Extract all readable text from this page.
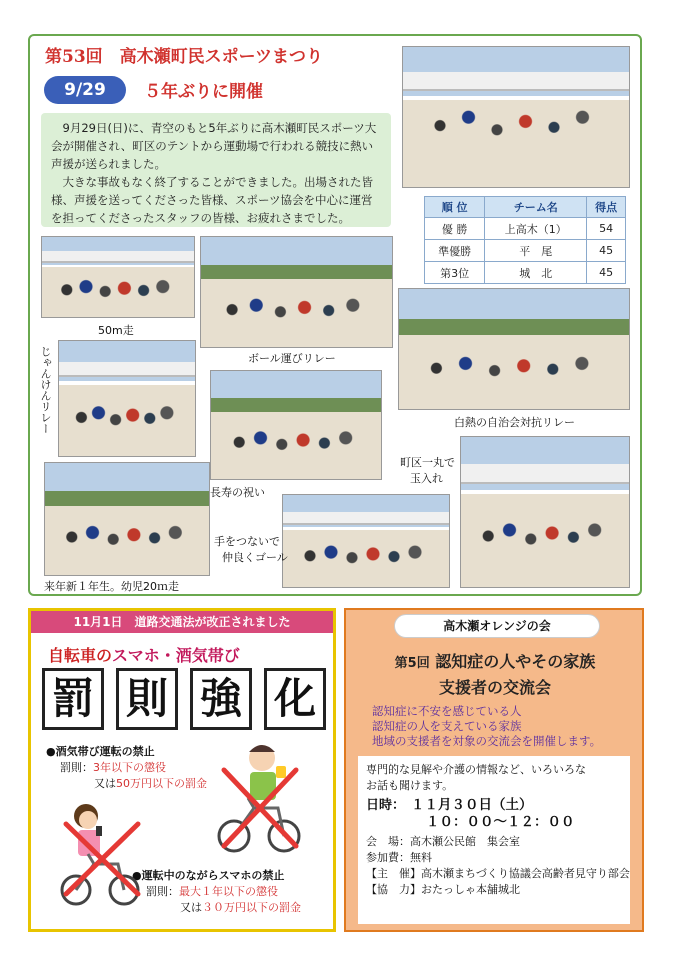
第53回　高木瀬町民スポーツまつり
9/29	５年ぶりに開催

9月29日(日)に、青空のもと5年ぶりに高木瀬町民スポーツ大会が開催され、町区のテントから運動場で行われる競技に熱い声援が送られました。

大きな事故もなく終了することができました。出場された皆様、声援を送ってくださった皆様、スポーツ協会を中心に運営を担ってくださったスタッフの皆様、お疲れさまでした。

順 位	チーム名	得点
優 勝	上高木（1）	54
準優勝	平　尾	45
第3位	城　北	45
50m走
ボール運びリレー
じゃんけんリレー	白熱の自治会対抗リレー
長寿の祝い
町区一丸で
玉入れ
来年新１年生。幼児20ｍ走
手をつないで
仲良くゴール
11月1日　道路交通法が改正されました
自転車のスマホ・酒気帯び
罰 則 強 化
●酒気帯び運転の禁止
罰則：3年以下の懲役
又は50万円以下の罰金
●運転中のながらスマホの禁止
罰則：最大１年以下の懲役
又は３０万円以下の罰金
高木瀬オレンジの会
第5回 認知症の人やその家族
支援者の交流会
認知症に不安を感じている人
認知症の人を支えている家族
地域の支援者を対象の交流会を開催します。
専門的な見解や介護の情報など、いろいろな
お話も聞けます。
日時： １１月３０日（土）
１０：００～１２：００
会　場：高木瀬公民館　集会室
参加費：無料
【主　催】高木瀬まちづくり協議会高齢者見守り部会
【協　力】おたっしゃ本舗城北
